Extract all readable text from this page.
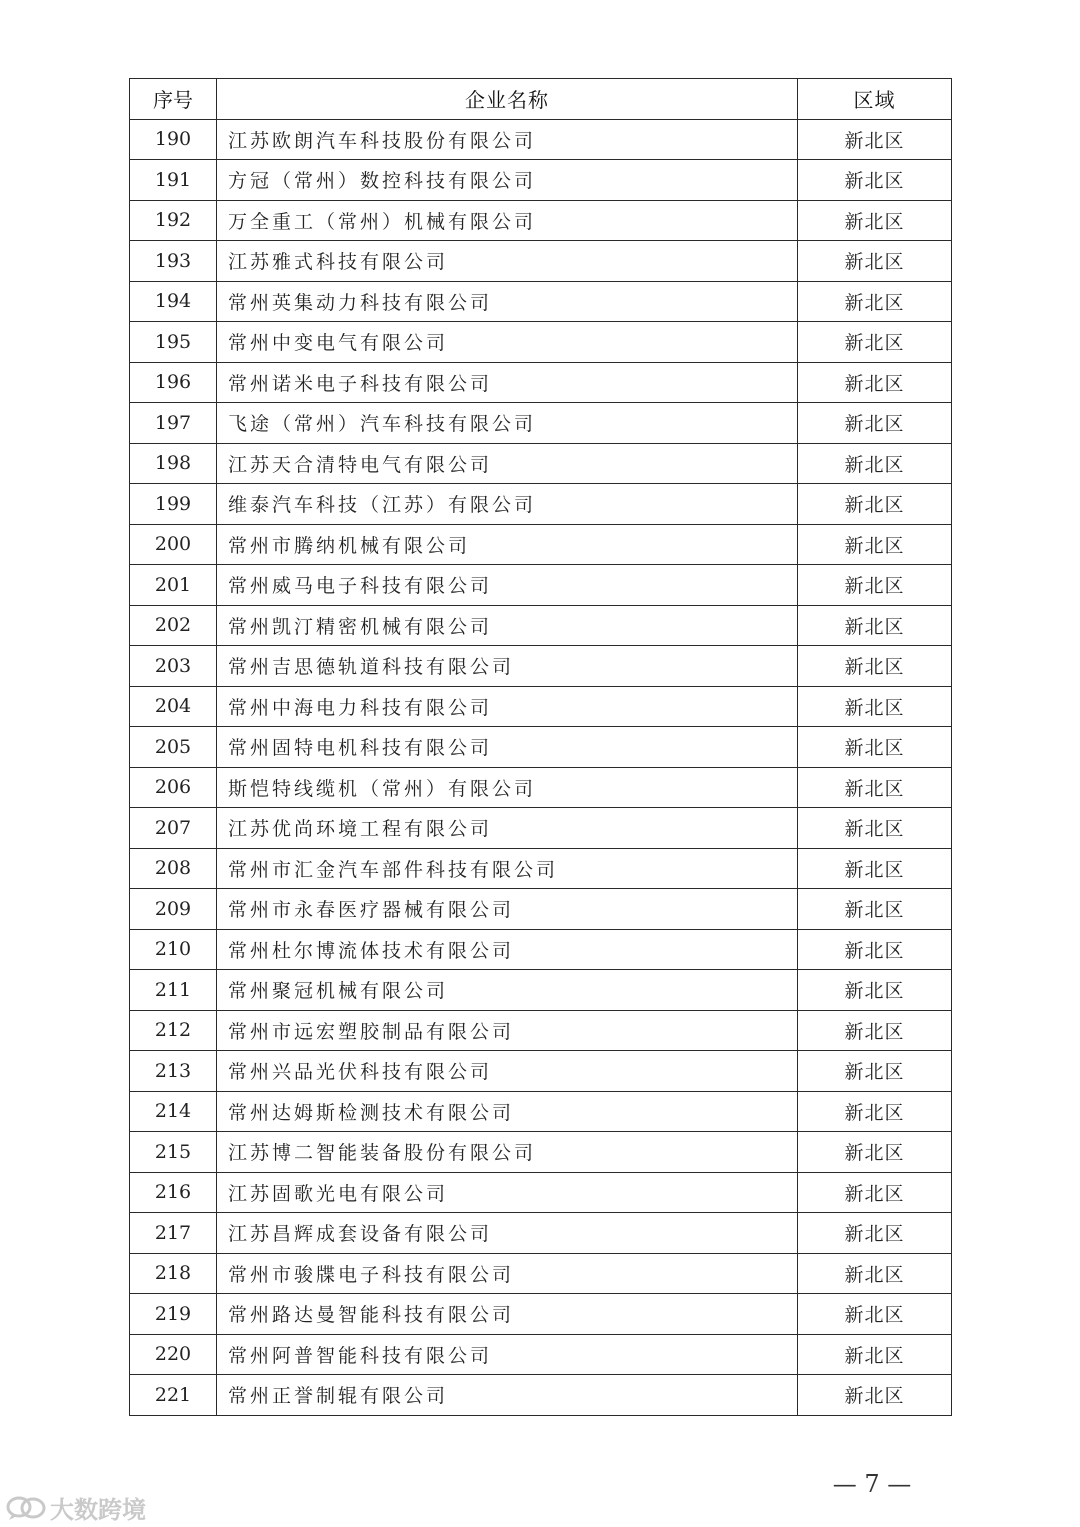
序号	企业名称	区域
190	江苏欧朗汽车科技股份有限公司	新北区
191	方冠（常州）数控科技有限公司	新北区
192	万全重工（常州）机械有限公司	新北区
193	江苏雅式科技有限公司	新北区
194	常州英集动力科技有限公司	新北区
195	常州中变电气有限公司	新北区
196	常州诺米电子科技有限公司	新北区
197	飞途（常州）汽车科技有限公司	新北区
198	江苏天合清特电气有限公司	新北区
199	维泰汽车科技（江苏）有限公司	新北区
200	常州市腾纳机械有限公司	新北区
201	常州威马电子科技有限公司	新北区
202	常州凯汀精密机械有限公司	新北区
203	常州吉思德轨道科技有限公司	新北区
204	常州中海电力科技有限公司	新北区
205	常州固特电机科技有限公司	新北区
206	斯恺特线缆机（常州）有限公司	新北区
207	江苏优尚环境工程有限公司	新北区
208	常州市汇金汽车部件科技有限公司	新北区
209	常州市永春医疗器械有限公司	新北区
210	常州杜尔博流体技术有限公司	新北区
211	常州聚冠机械有限公司	新北区
212	常州市远宏塑胶制品有限公司	新北区
213	常州兴品光伏科技有限公司	新北区
214	常州达姆斯检测技术有限公司	新北区
215	江苏博二智能装备股份有限公司	新北区
216	江苏固歌光电有限公司	新北区
217	江苏昌辉成套设备有限公司	新北区
218	常州市骏牒电子科技有限公司	新北区
219	常州路达曼智能科技有限公司	新北区
220	常州阿普智能科技有限公司	新北区
221	常州正誉制辊有限公司	新北区
— 7 —
大数跨境
